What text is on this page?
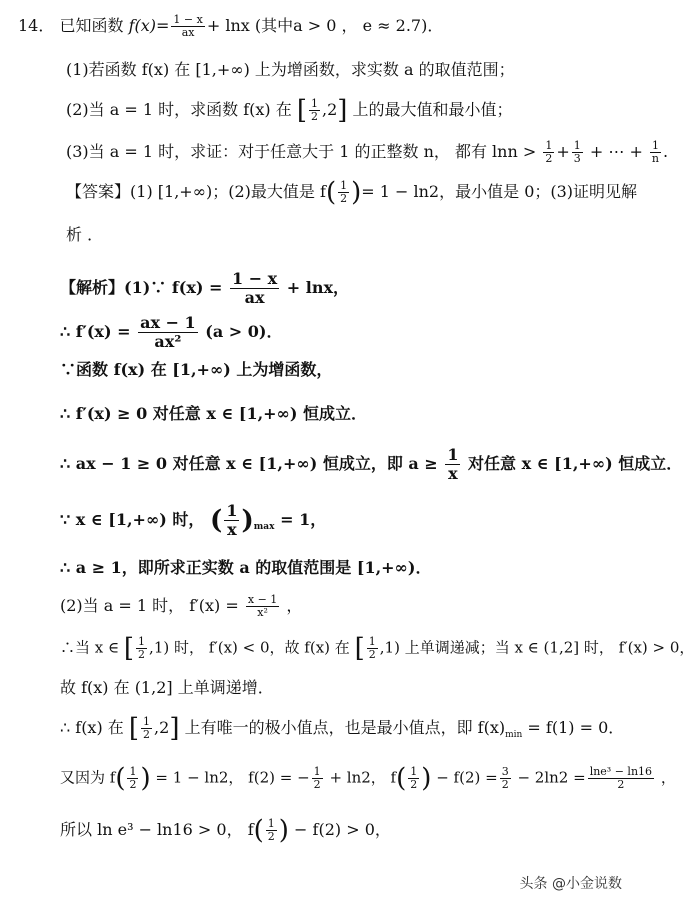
14． 已知函数 $f(x)= \frac{1 - x}{ax} + \ln x$ (其中a > 0 ， e ≈ 2.7)．
(1)若函数 f(x) 在 [1,+∞) 上为增函数，求实数 a 的取值范围；
(2)当 a = 1 时，求函数 f(x) 在 [ $\frac{1}{2} ,2$] 上的最大值和最小值；
(3)当 a = 1 时，求证：对于任意大于 1 的正整数 n， 都有 $\ln n > \frac{1}{2} + \frac{1}{3}$ + ⋯ + $\frac{1}{n}$ .
【答案】(1) [1,+∞)；(2)最大值是 $f( \frac{1}{2}$ )= 1 − ln2，最小值是 0；(3)证明见解
析 ．
【解析】(1)∵ $f(x) = \frac{1 - x}{ax} + \ln x$，
∴ $f'(x) = \frac{ax - 1}{\text{ax²}} (a > 0)$．
∵函数 f(x) 在 [1,+∞) 上为增函数，
∴ f′(x) ≥ 0 对任意 x ∈ [1,+∞) 恒成立．
∴ ax − 1 ≥ 0 对任意 x ∈ [1,+∞) 恒成立，即 $a \ge \frac{1}{x}$ 对任意 x ∈ [1,+∞) 恒成立．
∵ x ∈ [1,+∞) 时， ( $\frac{1}{x} )_{max} = 1$，
∴ a ≥ 1，即所求正实数 a 的取值范围是 [1,+∞)．
(2)当 a = 1 时， $f'(x) = \frac{x - 1}{\text{x²}}$ ，
∴当 x ∈ [ $\frac{1}{2} ,1$) 时， f′(x) < 0，故 f(x) 在 [ $\frac{1}{2} ,1$) 上单调递减；当 x ∈ (1,2] 时， f′(x) > 0，
故 f(x) 在 (1,2] 上单调递增．
∴ f(x) 在 [ $\frac{1}{2} ,2$] 上有唯一的极小值点，也是最小值点，即 $f(x)_{min} = f(1) = 0$．
又因为 $f( \frac{1}{2}$ ) = 1 − ln2， f(2) = − $\frac{1}{2} + \ln 2$， $f( \frac{1}{2}$ ) − $f(2) = \frac{3}{2} - 2\ln 2 = \frac{\text{lne³ − ln16}}{2}$ ，
所以 ln e³ − ln16 > 0， $f( \frac{1}{2}$ ) − f(2) > 0，
头条 @小金说数
